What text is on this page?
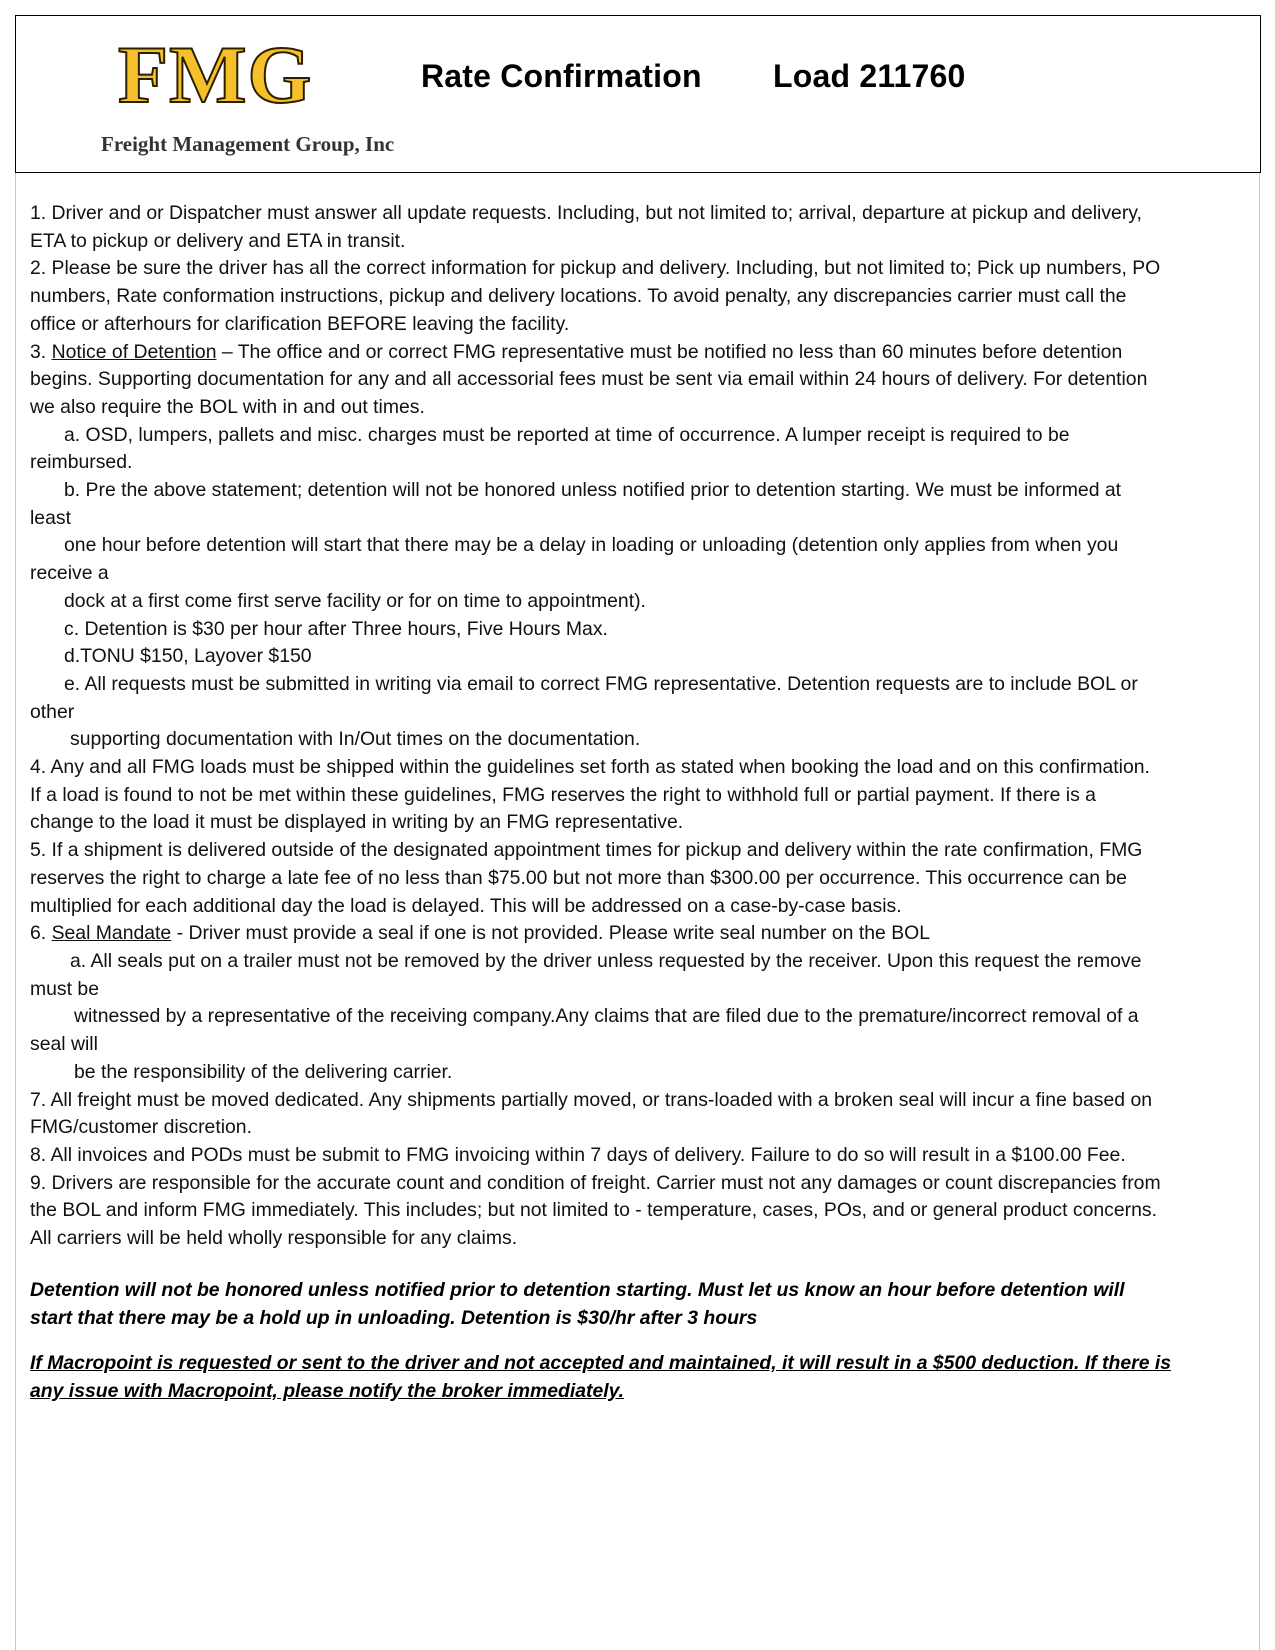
FMG
Freight Management Group, Inc
Rate Confirmation Load 211760
1. Driver and or Dispatcher must answer all update requests. Including, but not limited to; arrival, departure at pickup and delivery,
ETA to pickup or delivery and ETA in transit.
2. Please be sure the driver has all the correct information for pickup and delivery. Including, but not limited to; Pick up numbers, PO
numbers, Rate conformation instructions, pickup and delivery locations. To avoid penalty, any discrepancies carrier must call the
office or afterhours for clarification BEFORE leaving the facility.
3. Notice of Detention – The office and or correct FMG representative must be notified no less than 60 minutes before detention
begins. Supporting documentation for any and all accessorial fees must be sent via email within 24 hours of delivery. For detention
we also require the BOL with in and out times.
a. OSD, lumpers, pallets and misc. charges must be reported at time of occurrence. A lumper receipt is required to be
reimbursed.
b. Pre the above statement; detention will not be honored unless notified prior to detention starting. We must be informed at
least
one hour before detention will start that there may be a delay in loading or unloading (detention only applies from when you
receive a
dock at a first come first serve facility or for on time to appointment).
c. Detention is $30 per hour after Three hours, Five Hours Max.
d.TONU $150, Layover $150
e. All requests must be submitted in writing via email to correct FMG representative. Detention requests are to include BOL or
other
supporting documentation with In/Out times on the documentation.
4. Any and all FMG loads must be shipped within the guidelines set forth as stated when booking the load and on this confirmation.
If a load is found to not be met within these guidelines, FMG reserves the right to withhold full or partial payment. If there is a
change to the load it must be displayed in writing by an FMG representative.
5. If a shipment is delivered outside of the designated appointment times for pickup and delivery within the rate confirmation, FMG
reserves the right to charge a late fee of no less than $75.00 but not more than $300.00 per occurrence. This occurrence can be
multiplied for each additional day the load is delayed. This will be addressed on a case-by-case basis.
6. Seal Mandate - Driver must provide a seal if one is not provided. Please write seal number on the BOL
a. All seals put on a trailer must not be removed by the driver unless requested by the receiver. Upon this request the remove
must be
witnessed by a representative of the receiving company.Any claims that are filed due to the premature/incorrect removal of a
seal will
be the responsibility of the delivering carrier.
7. All freight must be moved dedicated. Any shipments partially moved, or trans-loaded with a broken seal will incur a fine based on
FMG/customer discretion.
8. All invoices and PODs must be submit to FMG invoicing within 7 days of delivery. Failure to do so will result in a $100.00 Fee.
9. Drivers are responsible for the accurate count and condition of freight. Carrier must not any damages or count discrepancies from
the BOL and inform FMG immediately. This includes; but not limited to - temperature, cases, POs, and or general product concerns.
All carriers will be held wholly responsible for any claims.
Detention will not be honored unless notified prior to detention starting. Must let us know an hour before detention will
start that there may be a hold up in unloading. Detention is $30/hr after 3 hours
If Macropoint is requested or sent to the driver and not accepted and maintained, it will result in a $500 deduction. If there is
any issue with Macropoint, please notify the broker immediately.
